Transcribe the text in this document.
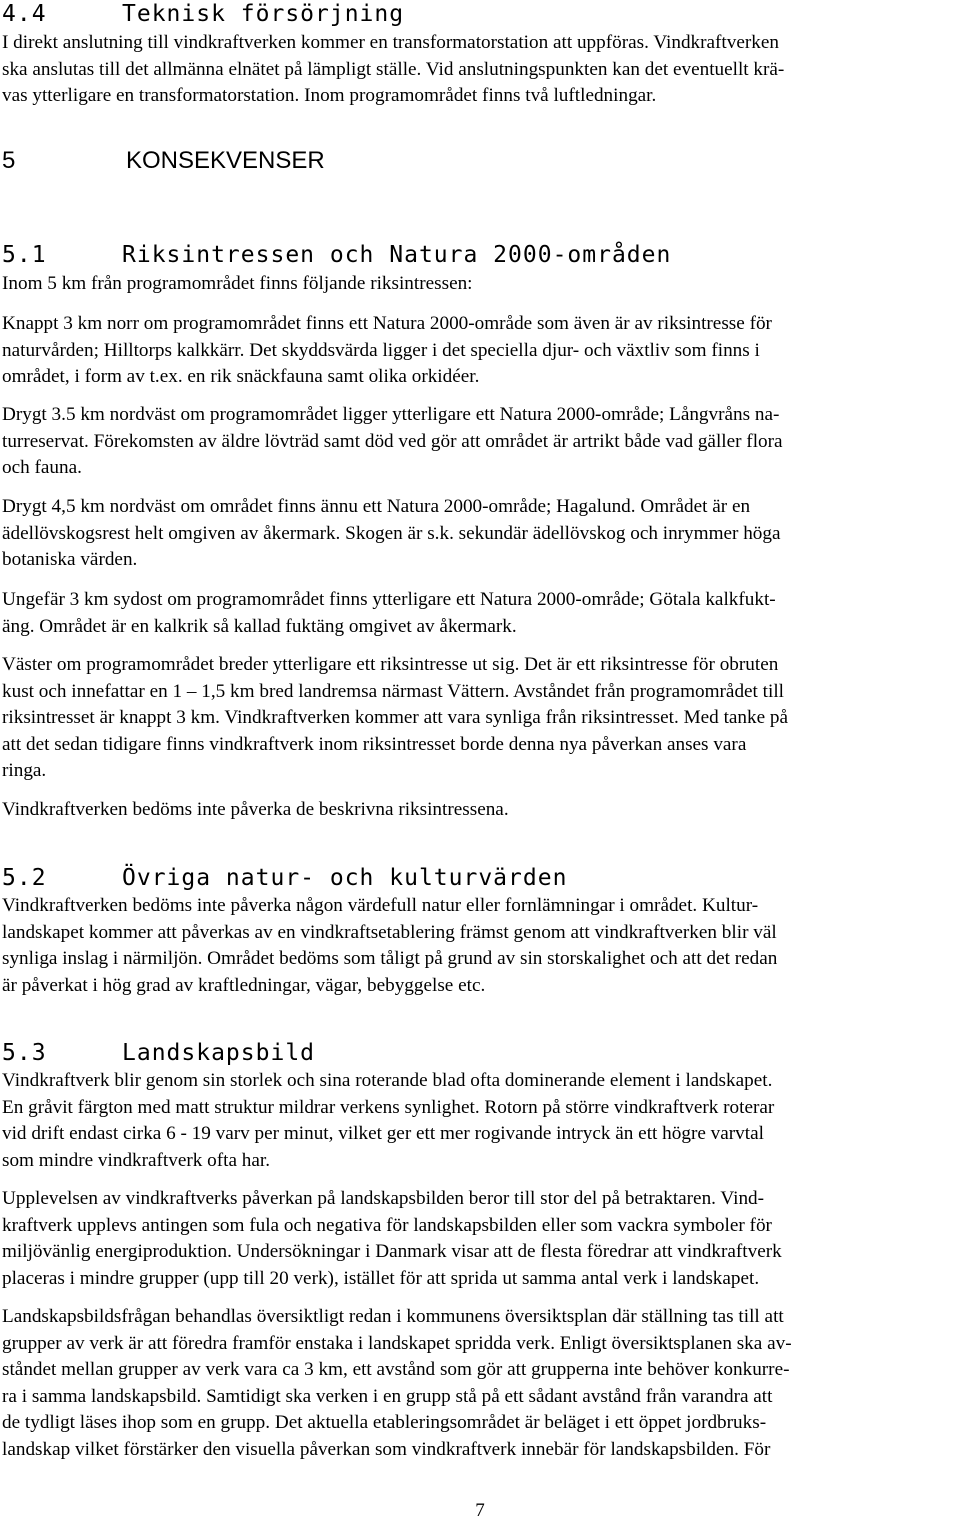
4.4	Teknisk försörjning
I direkt anslutning till vindkraftverken kommer en transformatorstation att uppföras. Vindkraftverken
ska anslutas till det allmänna elnätet på lämpligt ställe. Vid anslutningspunkten kan det eventuellt krä-
vas ytterligare en transformatorstation. Inom programområdet finns två luftledningar.
5	KONSEKVENSER
5.1	Riksintressen och Natura 2000-områden
Inom 5 km från programområdet finns följande riksintressen:
Knappt 3 km norr om programområdet finns ett Natura 2000-område som även är av riksintresse för
naturvården; Hilltorps kalkkärr. Det skyddsvärda ligger i det speciella djur- och växtliv som finns i
området, i form av t.ex. en rik snäckfauna samt olika orkidéer.
Drygt 3.5 km nordväst om programområdet ligger ytterligare ett Natura 2000-område; Långvråns na-
turreservat. Förekomsten av äldre lövträd samt död ved gör att området är artrikt både vad gäller flora
och fauna.
Drygt 4,5 km nordväst om området finns ännu ett Natura 2000-område; Hagalund. Området är en
ädellövskogsrest helt omgiven av åkermark. Skogen är s.k. sekundär ädellövskog och inrymmer höga
botaniska värden.
Ungefär 3 km sydost om programområdet finns ytterligare ett Natura 2000-område; Götala kalkfukt-
äng. Området är en kalkrik så kallad fuktäng omgivet av åkermark.
Väster om programområdet breder ytterligare ett riksintresse ut sig. Det är ett riksintresse för obruten
kust och innefattar en 1 – 1,5 km bred landremsa närmast Vättern. Avståndet från programområdet till
riksintresset är knappt 3 km. Vindkraftverken kommer att vara synliga från riksintresset. Med tanke på
att det sedan tidigare finns vindkraftverk inom riksintresset borde denna nya påverkan anses vara
ringa.
Vindkraftverken bedöms inte påverka de beskrivna riksintressena.
5.2	Övriga natur- och kulturvärden
Vindkraftverken bedöms inte påverka någon värdefull natur eller fornlämningar i området. Kultur-
landskapet kommer att påverkas av en vindkraftsetablering främst genom att vindkraftverken blir väl
synliga inslag i närmiljön. Området bedöms som tåligt på grund av sin storskalighet och att det redan
är påverkat i hög grad av kraftledningar, vägar, bebyggelse etc.
5.3	Landskapsbild
Vindkraftverk blir genom sin storlek och sina roterande blad ofta dominerande element i landskapet.
En gråvit färgton med matt struktur mildrar verkens synlighet. Rotorn på större vindkraftverk roterar
vid drift endast cirka 6 - 19 varv per minut, vilket ger ett mer rogivande intryck än ett högre varvtal
som mindre vindkraftverk ofta har.
Upplevelsen av vindkraftverks påverkan på landskapsbilden beror till stor del på betraktaren. Vind-
kraftverk upplevs antingen som fula och negativa för landskapsbilden eller som vackra symboler för
miljövänlig energiproduktion. Undersökningar i Danmark visar att de flesta föredrar att vindkraftverk
placeras i mindre grupper (upp till 20 verk), istället för att sprida ut samma antal verk i landskapet.
Landskapsbildsfrågan behandlas översiktligt redan i kommunens översiktsplan där ställning tas till att
grupper av verk är att föredra framför enstaka i landskapet spridda verk. Enligt översiktsplanen ska av-
ståndet mellan grupper av verk vara ca 3 km, ett avstånd som gör att grupperna inte behöver konkurre-
ra i samma landskapsbild. Samtidigt ska verken i en grupp stå på ett sådant avstånd från varandra att
de tydligt läses ihop som en grupp. Det aktuella etableringsområdet är beläget i ett öppet jordbruks-
landskap vilket förstärker den visuella påverkan som vindkraftverk innebär för landskapsbilden. För
7
